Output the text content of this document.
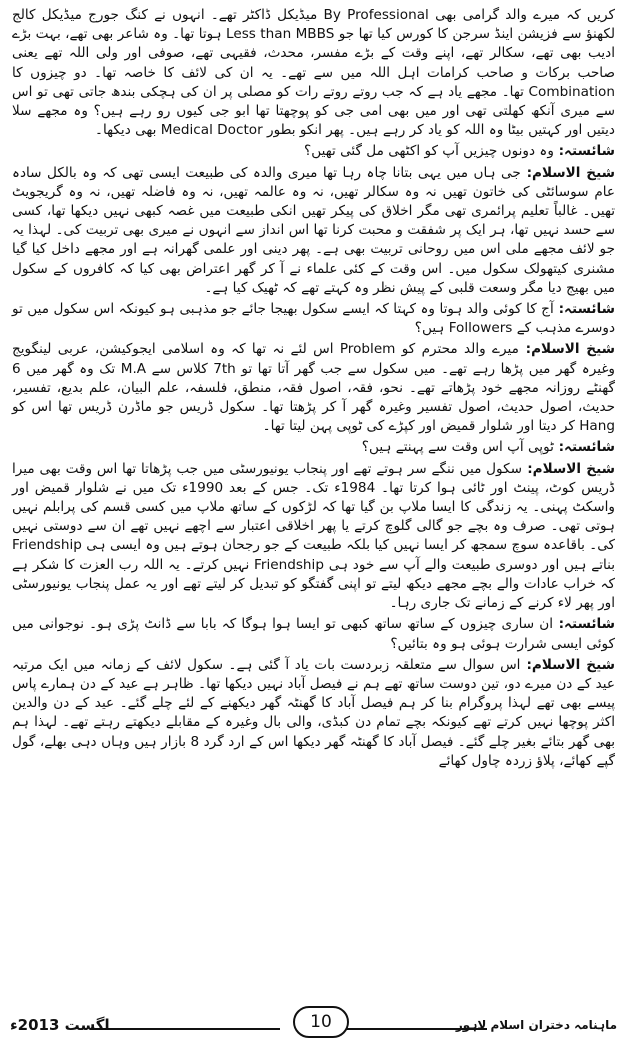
کریں کہ میرے والد گرامی بھی By Professional میڈیکل ڈاکٹر تھے۔ انہوں نے کنگ جورج میڈیکل کالج لکھنؤ سے فزیشن اینڈ سرجن کا کورس کیا تھا جو Less than MBBS ہوتا تھا۔ وہ شاعر بھی تھے، بہت بڑے ادیب بھی تھے، سکالر تھے، اپنے وقت کے بڑے مفسر، محدث، فقیہی تھے، صوفی اور ولی اللہ تھے یعنی صاحب برکات و صاحب کرامات اہل اللہ میں سے تھے۔ یہ ان کی لائف کا خاصہ تھا۔ دو چیزوں کا Combination تھا۔ مجھے یاد ہے کہ جب روتے روتے رات کو مصلی پر ان کی ہچکی بندھ جاتی تھی تو اس سے میری آنکھ کھلتی تھی اور میں بھی امی جی کو پوچھتا تھا ابو جی کیوں رو رہے ہیں؟ وہ مجھے سلا دیتیں اور کہتیں بیٹا وہ اللہ کو یاد کر رہے ہیں۔ پھر انکو بطور Medical Doctor بھی دیکھا۔

شائستہ:وہ دونوں چیزیں آپ کو اکٹھی مل گئی تھیں؟

شیخ الاسلام:جی ہاں میں یہی بتانا چاہ رہا تھا میری والدہ کی طبیعت ایسی تھی کہ وہ بالکل سادہ عام سوسائٹی کی خاتون تھیں نہ وہ سکالر تھیں، نہ وہ عالمہ تھیں، نہ وہ فاضلہ تھیں، نہ وہ گریجویٹ تھیں۔ غالباً تعلیم پرائمری تھی مگر اخلاق کی پیکر تھیں انکی طبیعت میں غصہ کبھی نہیں دیکھا تھا، کسی سے حسد نہیں تھا، ہر ایک پر شفقت و محبت کرنا تھا اس انداز سے انہوں نے میری بھی تربیت کی۔ لہذا یہ جو لائف مجھے ملی اس میں روحانی تربیت بھی ہے۔ پھر دینی اور علمی گھرانہ ہے اور مجھے داخل کیا گیا مشنری کیتھولک سکول میں۔ اس وقت کے کئی علماء نے آ کر گھر اعتراض بھی کیا کہ کافروں کے سکول میں بھیج دیا مگر وسعت قلبی کے پیش نظر وہ کہتے تھے کہ ٹھیک کیا ہے۔

شائستہ:آج کا کوئی والد ہوتا وہ کہتا کہ ایسے سکول بھیجا جائے جو مذہبی ہو کیونکہ اس سکول میں تو دوسرے مذہب کے Followers ہیں؟

شیخ الاسلام:میرے والد محترم کو Problem اس لئے نہ تھا کہ وہ اسلامی ایجوکیشن، عربی لینگویج وغیرہ گھر میں پڑھا رہے تھے۔ میں سکول سے جب گھر آتا تھا تو 7th کلاس سے M.A تک وہ گھر میں 6 گھنٹے روزانہ مجھے خود پڑھاتے تھے۔ نحو، فقہ، اصول فقہ، منطق، فلسفہ، علم البیان، علم بدیع، تفسیر، حدیث، اصول حدیث، اصول تفسیر وغیرہ گھر آ کر پڑھتا تھا۔ سکول ڈریس جو ماڈرن ڈریس تھا اس کو Hang کر دیتا اور شلوار قمیض اور کپڑے کی ٹوپی پہن لیتا تھا۔

شائستہ:ٹوپی آپ اس وقت سے پہنتے ہیں؟

شیخ الاسلام:سکول میں ننگے سر ہوتے تھے اور پنجاب یونیورسٹی میں جب پڑھاتا تھا اس وقت بھی میرا ڈریس کوٹ، پینٹ اور ٹائی ہوا کرتا تھا۔ 1984ء تک۔ جس کے بعد 1990ء تک میں نے شلوار قمیض اور واسکٹ پہنی۔ یہ زندگی کا ایسا ملاپ بن گیا تھا کہ لڑکوں کے ساتھ ملاپ میں کسی قسم کی پرابلم نہیں ہوتی تھی۔ صرف وہ بچے جو گالی گلوچ کرتے یا پھر اخلاقی اعتبار سے اچھے نہیں تھے ان سے دوستی نہیں کی۔ باقاعدہ سوچ سمجھ کر ایسا نہیں کیا بلکہ طبیعت کے جو رجحان ہوتے ہیں وہ ایسی ہی Friendship بناتے ہیں اور دوسری طبیعت والے آپ سے خود ہی Friendship نہیں کرتے۔ یہ اللہ رب العزت کا شکر ہے کہ خراب عادات والے بچے مجھے دیکھ لیتے تو اپنی گفتگو کو تبدیل کر لیتے تھے اور یہ عمل پنجاب یونیورسٹی اور پھر لاء کرنے کے زمانے تک جاری رہا۔

شائستہ:ان ساری چیزوں کے ساتھ ساتھ کبھی تو ایسا ہوا ہوگا کہ بابا سے ڈانٹ پڑی ہو۔ نوجوانی میں کوئی ایسی شرارت ہوئی ہو وہ بتائیں؟

شیخ الاسلام:اس سوال سے متعلقہ زبردست بات یاد آ گئی ہے۔ سکول لائف کے زمانہ میں ایک مرتبہ عید کے دن میرے دو، تین دوست ساتھ تھے ہم نے فیصل آباد نہیں دیکھا تھا۔ ظاہر ہے عید کے دن ہمارے پاس پیسے بھی تھے لہذا پروگرام بنا کر ہم فیصل آباد کا گھنٹہ گھر دیکھنے کے لئے چلے گئے۔ عید کے دن والدین اکثر پوچھا نہیں کرتے تھے کیونکہ بچے تمام دن کبڈی، والی بال وغیرہ کے مقابلے دیکھتے رہتے تھے۔ لہذا ہم بھی گھر بتائے بغیر چلے گئے۔ فیصل آباد کا گھنٹہ گھر دیکھا اس کے ارد گرد 8 بازار ہیں وہاں دہی بھلے، گول گپے کھائے، پلاؤ زردہ چاول کھائے

ماہنامہ دختران اسلام لاہور
10
اگست 2013ء
